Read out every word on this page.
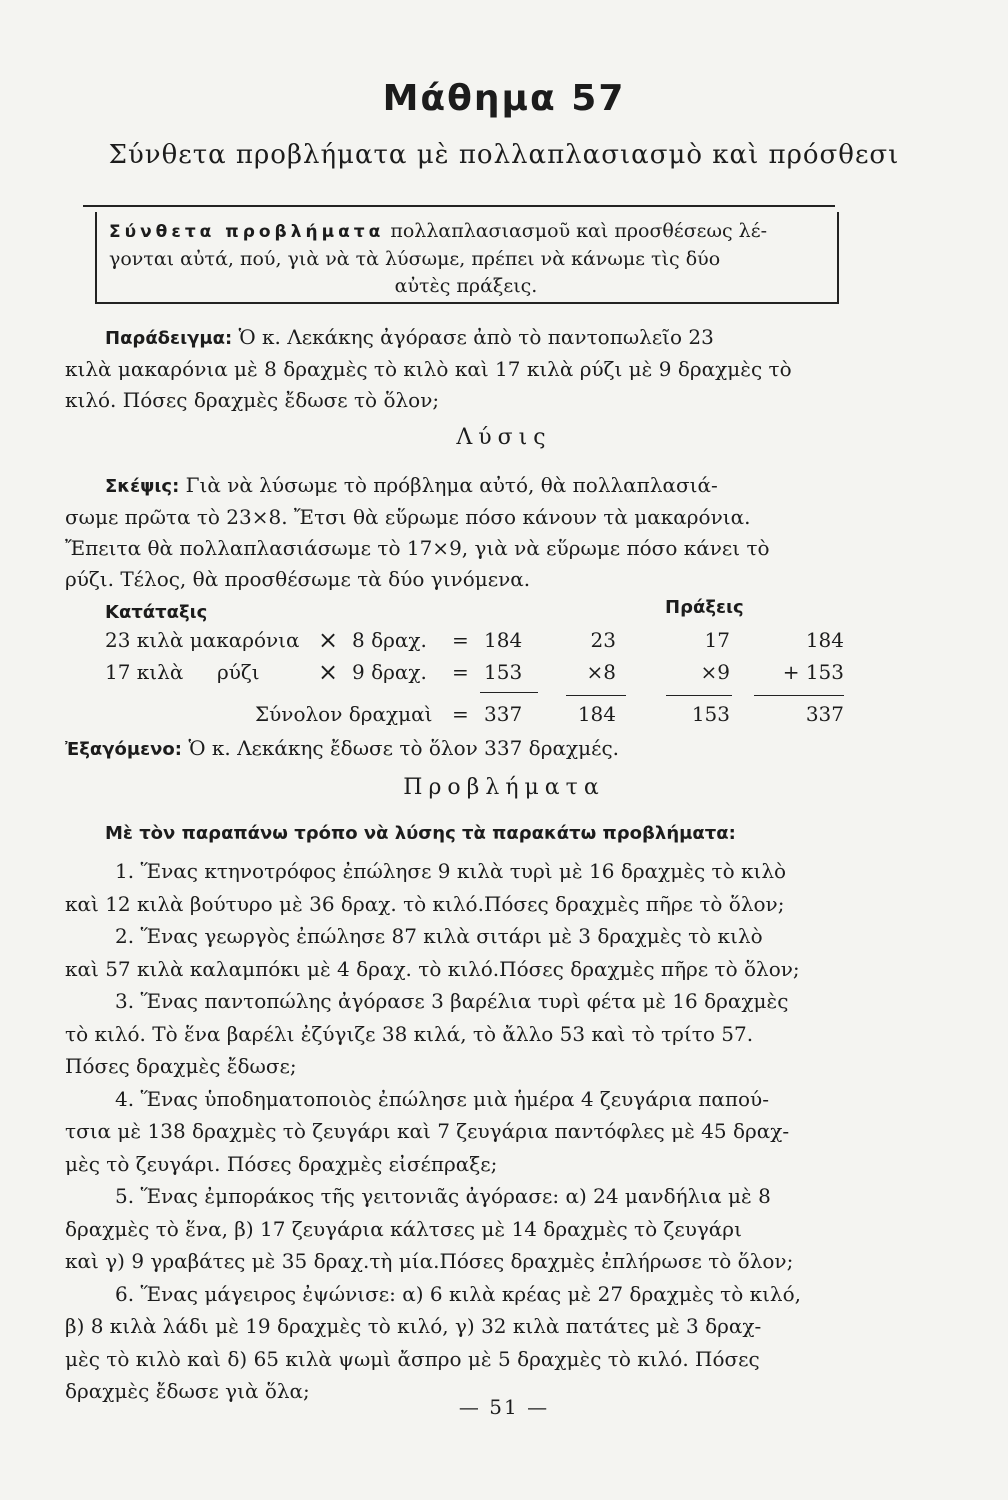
Μάθημα 57
Σύνθετα προβλήματα μὲ πολλαπλασιασμὸ καὶ πρόσθεσι
Σύνθετα προβλήματα πολλαπλασιασμοῦ καὶ προσθέσεως λέ-
γονται αὐτά, πού, γιὰ νὰ τὰ λύσωμε, πρέπει νὰ κάνωμε τὶς δύο
αὐτὲς πράξεις.
Παράδειγμα: Ὁ κ. Λεκάκης ἀγόρασε ἀπὸ τὸ παντοπωλεῖο 23
κιλὰ μακαρόνια μὲ 8 δραχμὲς τὸ κιλὸ καὶ 17 κιλὰ ρύζι μὲ 9 δραχμὲς τὸ
κιλό. Πόσες δραχμὲς ἔδωσε τὸ ὅλον;
Λύσις
Σκέψις: Γιὰ νὰ λύσωμε τὸ πρόβλημα αὐτό, θὰ πολλαπλασιά-
σωμε πρῶτα τὸ 23×8. Ἔτσι θὰ εὕρωμε πόσο κάνουν τὰ μακαρόνια.
Ἔπειτα θὰ πολλαπλασιάσωμε τὸ 17×9, γιὰ νὰ εὕρωμε πόσο κάνει τὸ
ρύζι. Τέλος, θὰ προσθέσωμε τὰ δύο γινόμενα.
Κατάταξις	Πράξεις
23 κιλὰ μακαρόνια × 8 δραχ. = 184
17 κιλὰ ρύζι × 9 δραχ. = 153
Σύνολον δραχμαὶ = 337
23
×8
184
17
×9
153
184
+ 153
337
Ἐξαγόμενο: Ὁ κ. Λεκάκης ἔδωσε τὸ ὅλον 337 δραχμές.
Προβλήματα
Μὲ τὸν παραπάνω τρόπο νὰ λύσης τὰ παρακάτω προβλήματα:
1. Ἕνας κτηνοτρόφος ἐπώλησε 9 κιλὰ τυρὶ μὲ 16 δραχμὲς τὸ κιλὸ
καὶ 12 κιλὰ βούτυρο μὲ 36 δραχ. τὸ κιλό.Πόσες δραχμὲς πῆρε τὸ ὅλον;
2. Ἕνας γεωργὸς ἐπώλησε 87 κιλὰ σιτάρι μὲ 3 δραχμὲς τὸ κιλὸ
καὶ 57 κιλὰ καλαμπόκι μὲ 4 δραχ. τὸ κιλό.Πόσες δραχμὲς πῆρε τὸ ὅλον;
3. Ἕνας παντοπώλης ἀγόρασε 3 βαρέλια τυρὶ φέτα μὲ 16 δραχμὲς
τὸ κιλό. Τὸ ἕνα βαρέλι ἐζύγιζε 38 κιλά, τὸ ἄλλο 53 καὶ τὸ τρίτο 57.
Πόσες δραχμὲς ἔδωσε;
4. Ἕνας ὑποδηματοποιὸς ἐπώλησε μιὰ ἡμέρα 4 ζευγάρια παπού-
τσια μὲ 138 δραχμὲς τὸ ζευγάρι καὶ 7 ζευγάρια παντόφλες μὲ 45 δραχ-
μὲς τὸ ζευγάρι. Πόσες δραχμὲς εἰσέπραξε;
5. Ἕνας ἐμποράκος τῆς γειτονιᾶς ἀγόρασε: α) 24 μανδήλια μὲ 8
δραχμὲς τὸ ἕνα, β) 17 ζευγάρια κάλτσες μὲ 14 δραχμὲς τὸ ζευγάρι
καὶ γ) 9 γραβάτες μὲ 35 δραχ.τὴ μία.Πόσες δραχμὲς ἐπλήρωσε τὸ ὅλον;
6. Ἕνας μάγειρος ἐψώνισε: α) 6 κιλὰ κρέας μὲ 27 δραχμὲς τὸ κιλό,
β) 8 κιλὰ λάδι μὲ 19 δραχμὲς τὸ κιλό, γ) 32 κιλὰ πατάτες μὲ 3 δραχ-
μὲς τὸ κιλὸ καὶ δ) 65 κιλὰ ψωμὶ ἄσπρο μὲ 5 δραχμὲς τὸ κιλό. Πόσες
δραχμὲς ἔδωσε γιὰ ὅλα;
— 51 —
